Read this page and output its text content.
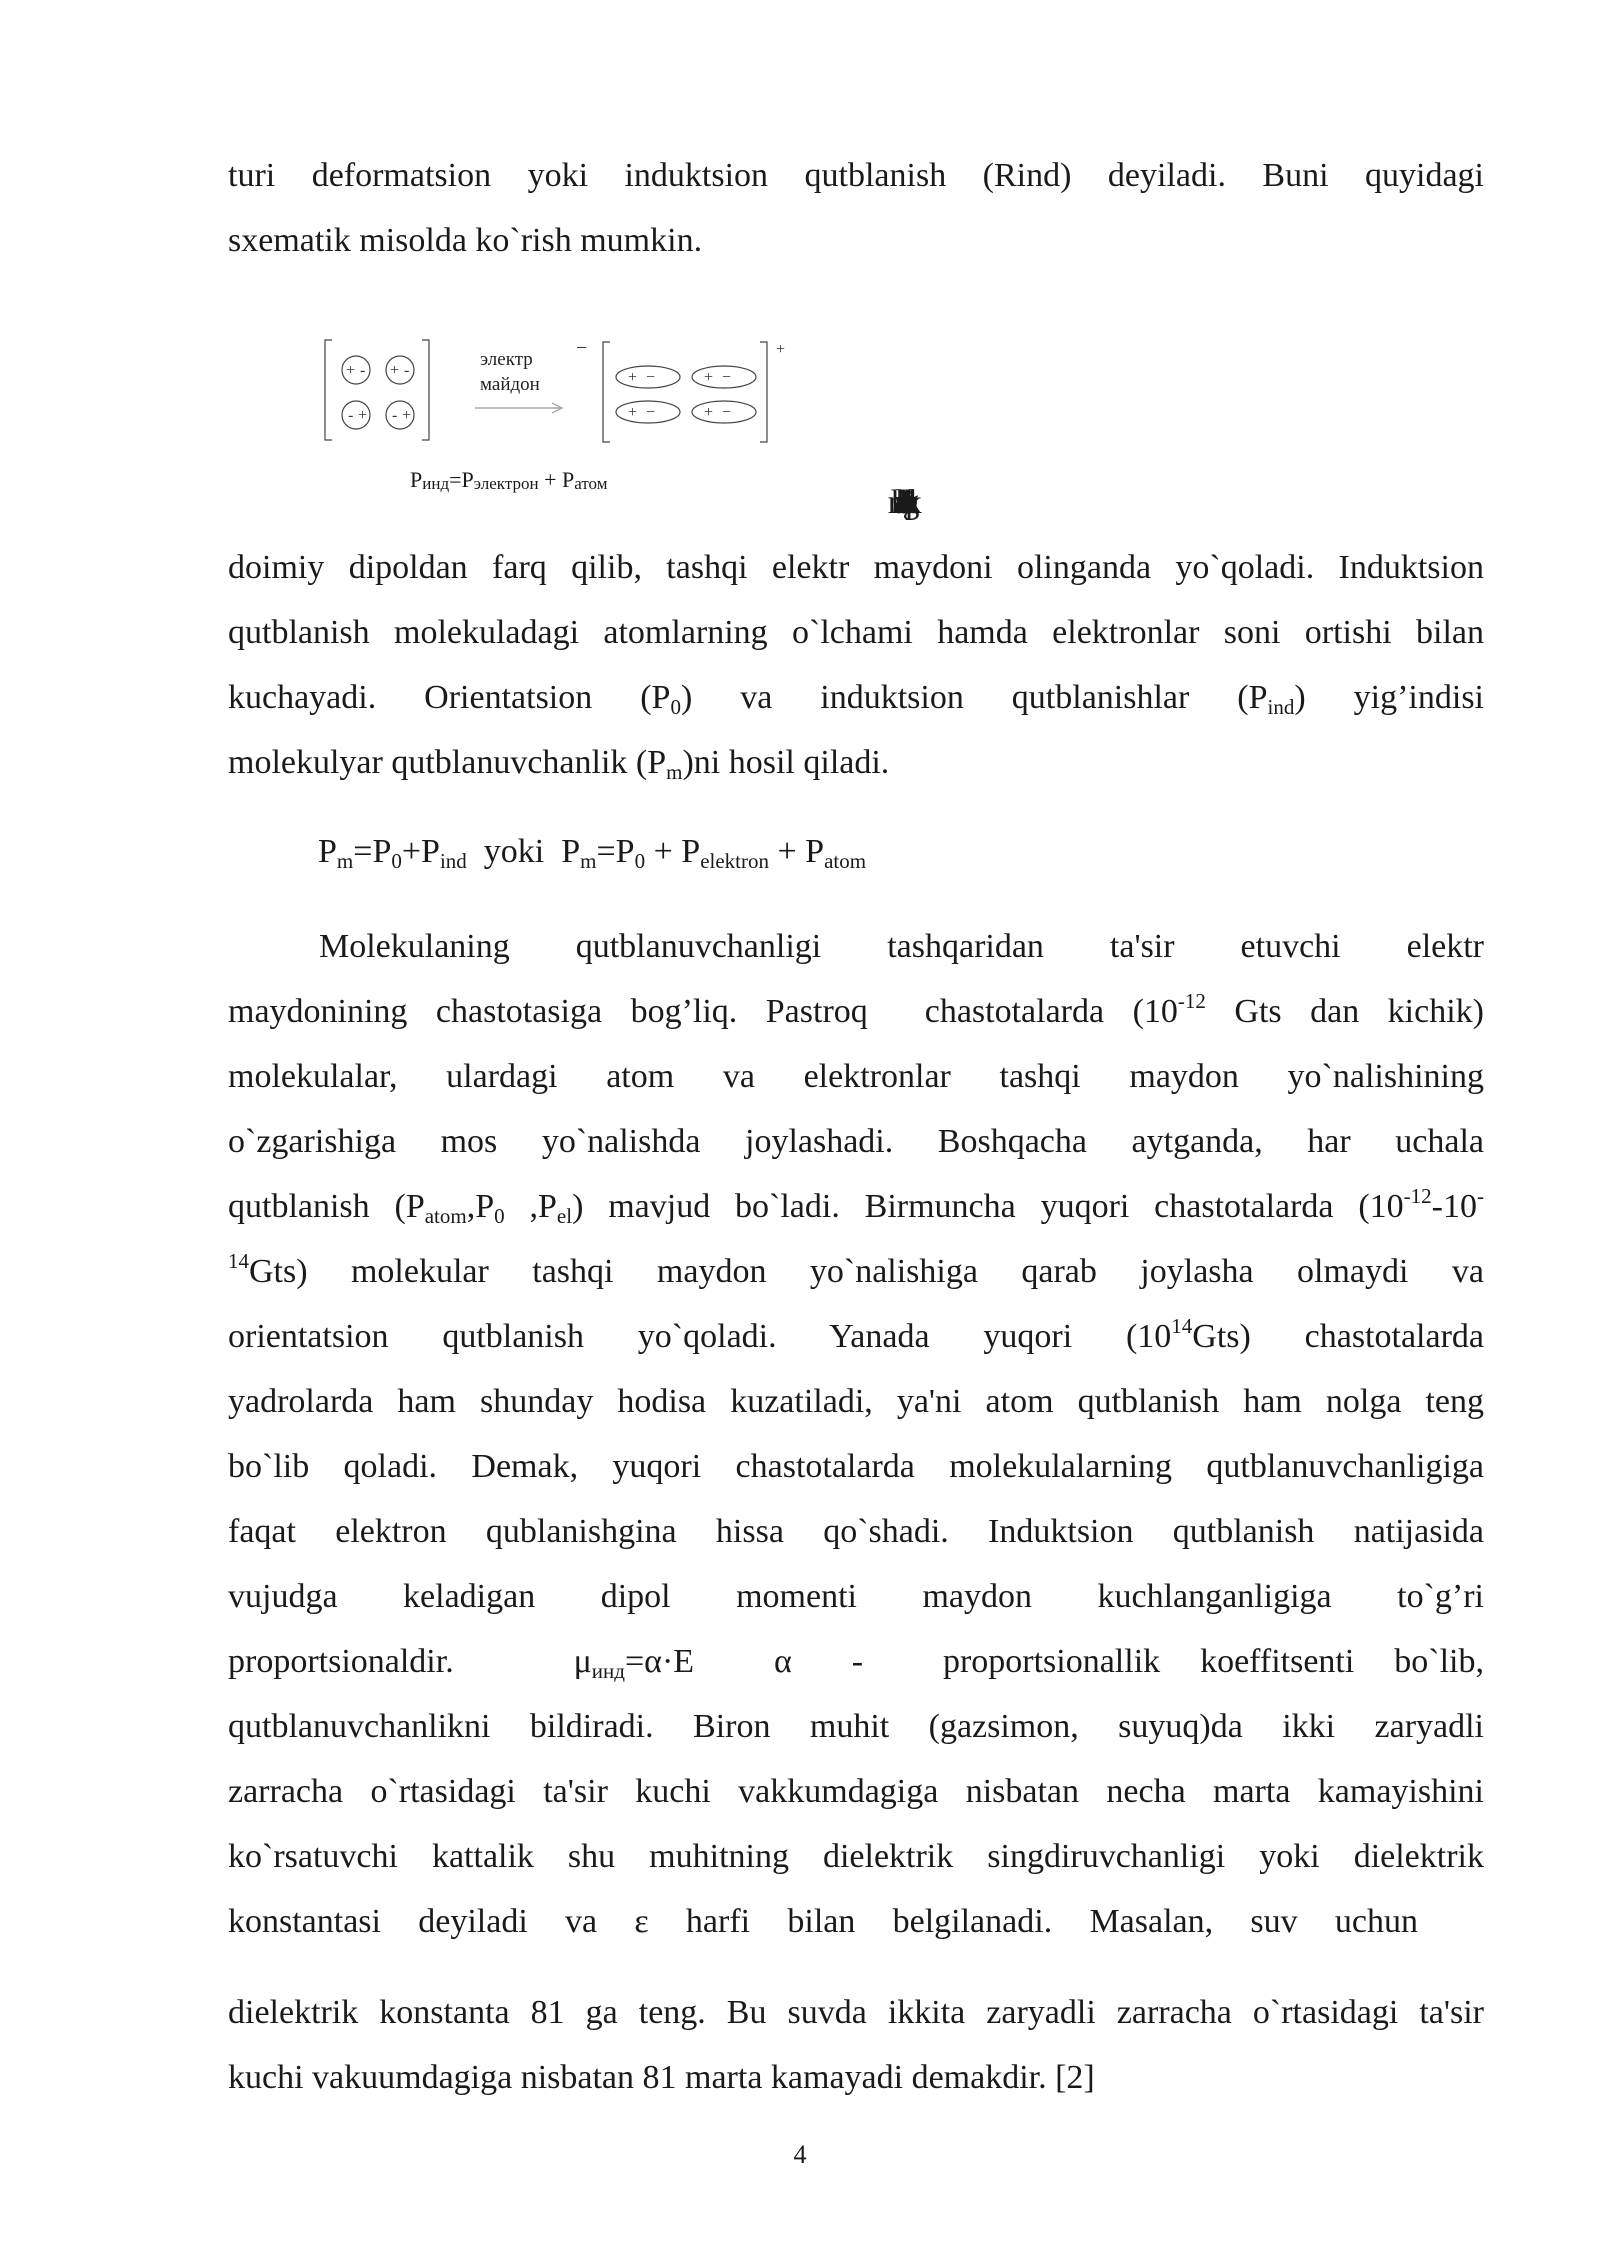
turi deformatsion yoki induktsion qutblanish (Rind) deyiladi. Buni quyidagi
sxematik misolda ko`rish mumkin.
+ - + -
- + - +
+ −	+ −
+ −	+ −
электр
майдон
−	+
$P_{инд}=P_{электрон} + P_{атом}$
Induktsion qutblanish molekuladagi
doimiy dipoldan farq qilib, tashqi elektr maydoni olinganda yo`qoladi. Induktsion
qutblanish molekuladagi atomlarning o`lchami hamda elektronlar soni ortishi bilan
kuchayadi. Orientatsion $(P_0)$ va induktsion qutblanishlar $(P_{ind})$ yig’indisi
molekulyar qutblanuvchanlik $(P_m)ni$ hosil qiladi.
$P_m=P_0+P_{ind}$  yoki  $P_m=P_0 + P_{elektron} + P_{atom}$
Molekulaning qutblanuvchanligi tashqaridan ta'sir etuvchi elektr
maydonining chastotasiga bog’liq. Pastroq  chastotalarda ($10^{-12}$ Gts dan kichik)
molekulalar, ulardagi atom va elektronlar tashqi maydon yo`nalishining
o`zgarishiga mos yo`nalishda joylashadi. Boshqacha aytganda, har uchala
qutblanish ($P_{atom},P_0$ $,P_{el}$) mavjud bo`ladi. Birmuncha yuqori chastotalarda ($10^{-12}-10^-$
$^{14}$Gts) molekular tashqi maydon yo`nalishiga qarab joylasha olmaydi va
orientatsion qutblanish yo`qoladi. Yanada yuqori $(10^{14}Gts)$ chastotalarda
yadrolarda ham shunday hodisa kuzatiladi, ya'ni atom qutblanish ham nolga teng
bo`lib qoladi. Demak, yuqori chastotalarda molekulalarning qutblanuvchanligiga
faqat elektron qublanishgina hissa qo`shadi. Induktsion qutblanish natijasida
vujudga keladigan dipol momenti maydon kuchlanganligiga to`g’ri
proportsionaldir.      $\mu_{инд}=\alpha\cdot E$    α   -    proportsionallik  koeffitsenti  bo`lib,
qutblanuvchanlikni bildiradi. Biron muhit (gazsimon, suyuq)da ikki zaryadli
zarracha o`rtasidagi ta'sir kuchi vakkumdagiga nisbatan necha marta kamayishini
ko`rsatuvchi kattalik shu muhitning dielektrik singdiruvchanligi yoki dielektrik
konstantasi deyiladi va ε harfi bilan belgilanadi. Masalan, suv uchun
dielektrik konstanta 81 ga teng. Bu suvda ikkita zaryadli zarracha o`rtasidagi ta'sir
kuchi vakuumdagiga nisbatan 81 marta kamayadi demakdir. [2]
4
